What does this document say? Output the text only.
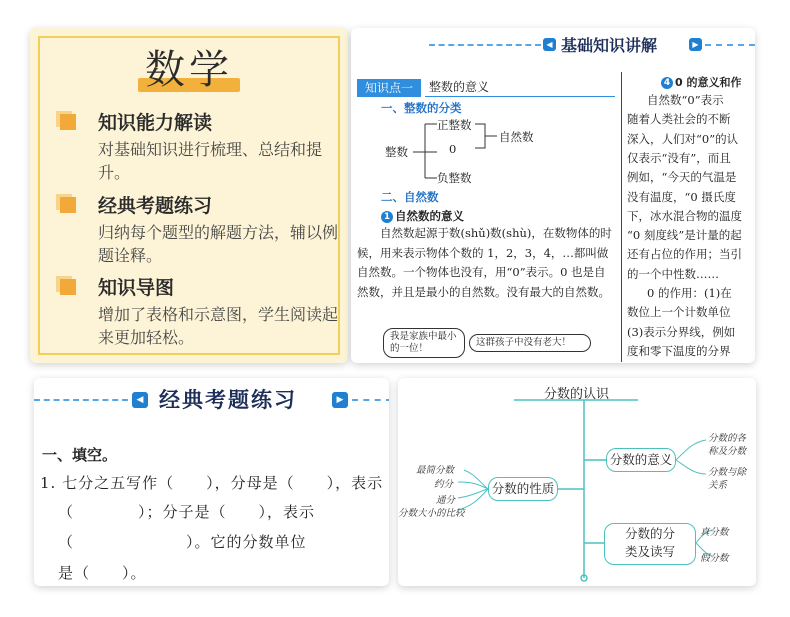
数学
知识能力解读
对基础知识进行梳理、总结和提升。
经典考题练习
归纳每个题型的解题方法，辅以例题诠释。
知识导图
增加了表格和示意图，学生阅读起来更加轻松。
◀ 基础知识讲解	▶
知识点一	整数的意义
一、整数的分类
整数
正整数
0
负整数
自然数
二、自然数
1 自然数的意义
自然数起源于数(shǔ)数(shù)，在数物体的时候，用来表示物体个数的 1，2，3，4，…都叫做自然数。一个物体也没有，用“0”表示。0 也是自然数，并且是最小的自然数。没有最大的自然数。
我是家族中最小的一位！
这群孩子中没有老大！
4 0 的意义和作
自然数“0”表示
随着人类社会的不断
深入，人们对“0”的认
仅表示“没有”，而且
例如，“今天的气温是
没有温度，“0 摄氏度
下，冰水混合物的温度
“0 刻度线”是计量的起
还有占位的作用；当引
的一个中性数……
0 的作用：(1)在
数位上一个计数单位
(3)表示分界线，例如
度和零下温度的分界
◀ 经典考题练习	▶
一、填空。
1. 七分之五写作（　　），分母是（　　），表示
（　　　　）；分子是（　　），表示
（　　　　　　　）。它的分数单位
是（　　）。
分数的认识
分数的性质
分数的意义
分数的分
类及读写
最简分数
约分
通分
分数大小的比较
分数的各
称及分数
分数与除
关系
真分数
假分数
